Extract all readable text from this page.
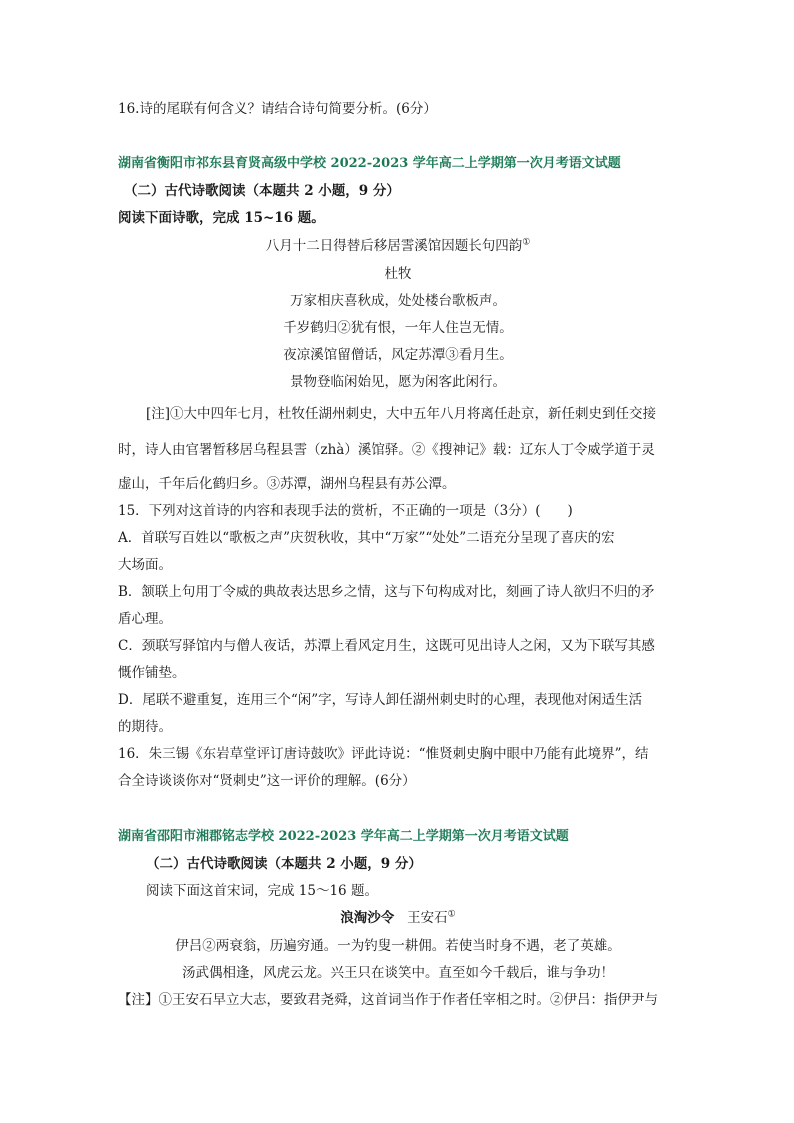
16.诗的尾联有何含义？请结合诗句简要分析。(6分）
湖南省衡阳市祁东县育贤高级中学校 2022-2023 学年高二上学期第一次月考语文试题
（二）古代诗歌阅读（本题共 2 小题，9 分）
阅读下面诗歌，完成 15~16 题。
八月十二日得替后移居霅溪馆因题长句四韵①
杜牧
万家相庆喜秋成，处处楼台歌板声。
千岁鹤归②犹有恨，一年人住岂无情。
夜凉溪馆留僧话，风定苏潭③看月生。
景物登临闲始见，愿为闲客此闲行。
[注]①大中四年七月，杜牧任湖州刺史，大中五年八月将离任赴京，新任刺史到任交接
时，诗人由官署暂移居乌程县霅（zhà）溪馆驿。②《搜神记》载：辽东人丁令威学道于灵
虚山，千年后化鹤归乡。③苏潭，湖州乌程县有苏公潭。
15．下列对这首诗的内容和表现手法的赏析，不正确的一项是（3分）(　　)
A．首联写百姓以“歌板之声”庆贺秋收，其中“万家”“处处”二语充分呈现了喜庆的宏
大场面。
B．颔联上句用丁令威的典故表达思乡之情，这与下句构成对比，刻画了诗人欲归不归的矛
盾心理。
C．颈联写驿馆内与僧人夜话，苏潭上看风定月生，这既可见出诗人之闲，又为下联写其感
慨作铺垫。
D．尾联不避重复，连用三个“闲”字，写诗人卸任湖州刺史时的心理，表现他对闲适生活
的期待。
16．朱三锡《东岩草堂评订唐诗鼓吹》评此诗说：“惟贤刺史胸中眼中乃能有此境界”，结
合全诗谈谈你对“贤刺史”这一评价的理解。(6分）
湖南省邵阳市湘郡铭志学校 2022-2023 学年高二上学期第一次月考语文试题
（二）古代诗歌阅读（本题共 2 小题，9 分）
阅读下面这首宋词，完成 15～16 题。
浪淘沙令 王安石①
伊吕②两衰翁，历遍穷通。一为钓叟一耕佣。若使当时身不遇，老了英雄。
汤武偶相逢，风虎云龙。兴王只在谈笑中。直至如今千载后，谁与争功！
【注】①王安石早立大志，要致君尧舜，这首词当作于作者任宰相之时。②伊吕：指伊尹与
